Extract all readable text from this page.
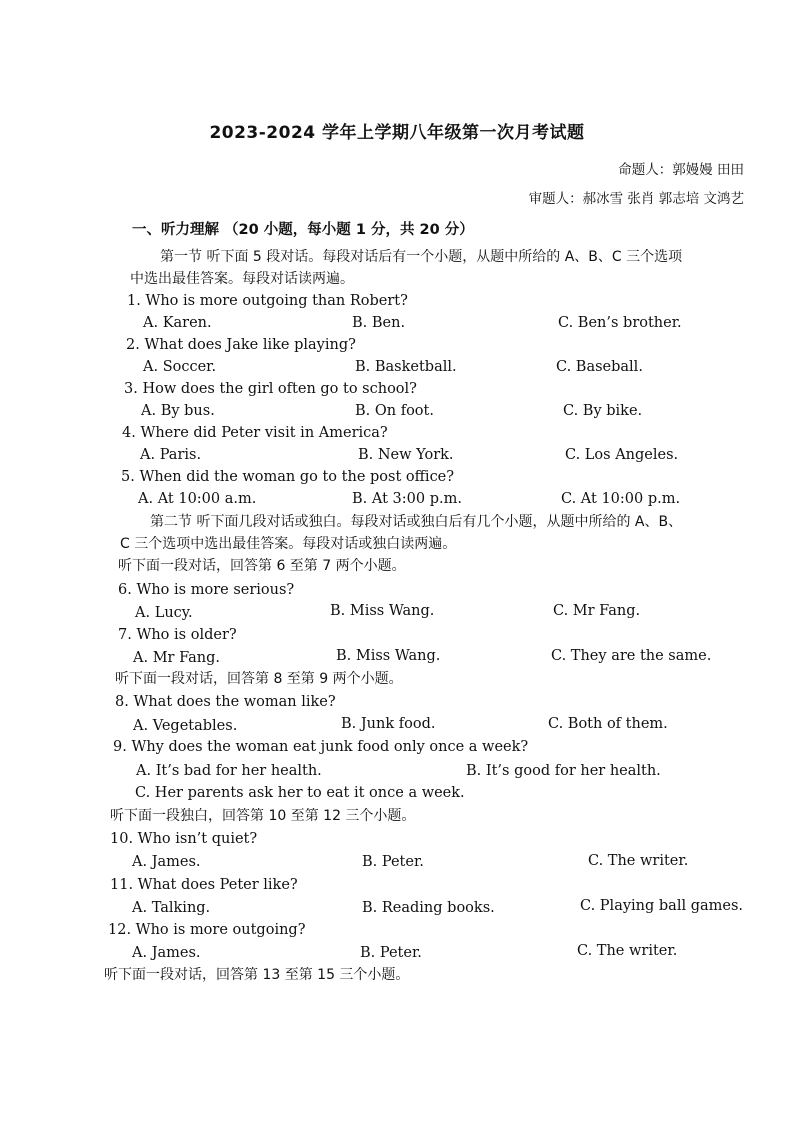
2023-2024 学年上学期八年级第一次月考试题
命题人：郭嫚嫚 田田
审题人：郝冰雪 张肖 郭志培 文鸿艺
一、听力理解 （20 小题，每小题 1 分，共 20 分）
第一节 听下面 5 段对话。每段对话后有一个小题，从题中所给的 A、B、C 三个选项
中选出最佳答案。每段对话读两遍。
1. Who is more outgoing than Robert?
A. Karen.	B. Ben.	C. Ben’s brother.
2. What does Jake like playing?
A. Soccer.	B. Basketball.	C. Baseball.
3. How does the girl often go to school?
A. By bus.	B. On foot.	C. By bike.
4. Where did Peter visit in America?
A. Paris.	B. New York.	C. Los Angeles.
5. When did the woman go to the post office?
A. At 10:00 a.m.	B. At 3:00 p.m.	C. At 10:00 p.m.
第二节 听下面几段对话或独白。每段对话或独白后有几个小题，从题中所给的 A、B、
C 三个选项中选出最佳答案。每段对话或独白读两遍。
听下面一段对话，回答第 6 至第 7 两个小题。
6. Who is more serious?
A. Lucy.	B. Miss Wang.	C. Mr Fang.
7. Who is older?
A. Mr Fang.	B. Miss Wang.	C. They are the same.
听下面一段对话，回答第 8 至第 9 两个小题。
8. What does the woman like?
A. Vegetables.	B. Junk food.	C. Both of them.
9. Why does the woman eat junk food only once a week?
A. It’s bad for her health.	B. It’s good for her health.
C. Her parents ask her to eat it once a week.
听下面一段独白，回答第 10 至第 12 三个小题。
10. Who isn’t quiet?
A. James.	B. Peter.	C. The writer.
11. What does Peter like?
A. Talking.	B. Reading books.	C. Playing ball games.
12. Who is more outgoing?
A. James.	B. Peter.	C. The writer.
听下面一段对话，回答第 13 至第 15 三个小题。
